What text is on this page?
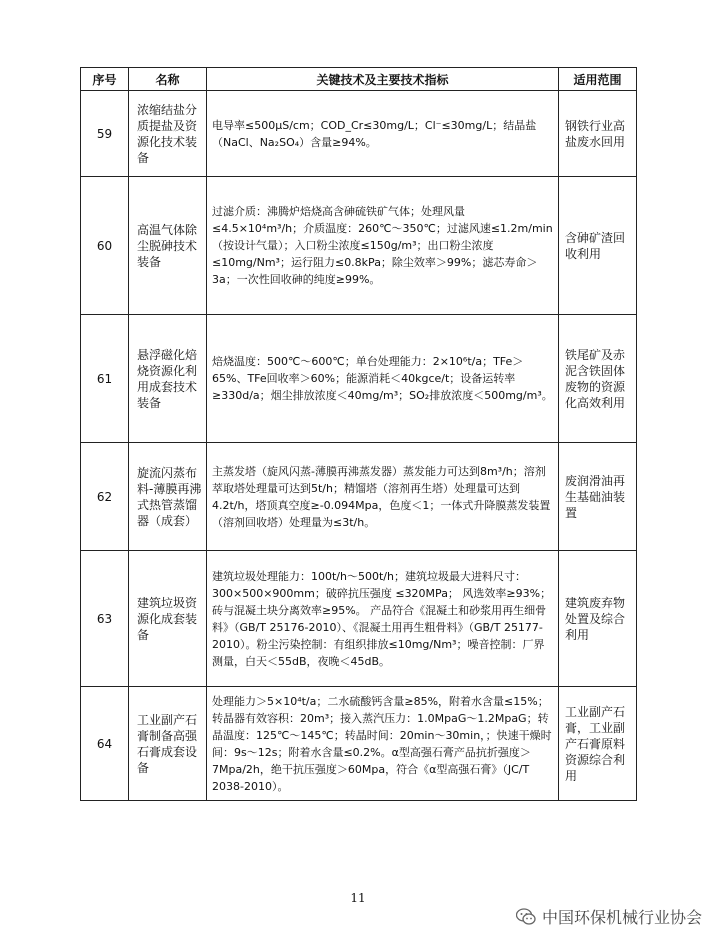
序号	名称	关键技术及主要技术指标	适用范围
59	浓缩结盐分质提盐及资源化技术装备	电导率≤500μS/cm；COD_Cr≤30mg/L；Cl⁻≤30mg/L；结晶盐（NaCl、Na₂SO₄）含量≥94%。	钢铁行业高盐废水回用
60	高温气体除尘脱砷技术装备	过滤介质：沸腾炉焙烧高含砷硫铁矿气体；处理风量≤4.5×10⁴m³/h；介质温度：260℃～350℃；过滤风速≤1.2m/min（按设计气量）；入口粉尘浓度≤150g/m³；出口粉尘浓度≤10mg/Nm³；运行阻力≤0.8kPa；除尘效率＞99%；滤芯寿命＞3a；一次性回收砷的纯度≥99%。	含砷矿渣回收利用
61	悬浮磁化焙烧资源化利用成套技术装备	焙烧温度：500℃～600℃；单台处理能力：2×10⁶t/a；TFe＞65%、TFe回收率＞60%；能源消耗＜40kgce/t；设备运转率≥330d/a；烟尘排放浓度＜40mg/m³；SO₂排放浓度＜500mg/m³。	铁尾矿及赤泥含铁固体废物的资源化高效利用
62	旋流闪蒸布料-薄膜再沸式热管蒸馏器（成套）	主蒸发塔（旋风闪蒸-薄膜再沸蒸发器）蒸发能力可达到8m³/h；溶剂萃取塔处理量可达到5t/h；精馏塔（溶剂再生塔）处理量可达到4.2t/h，塔顶真空度≥-0.094Mpa，色度＜1；一体式升降膜蒸发装置（溶剂回收塔）处理量为≤3t/h。	废润滑油再生基础油装置
63	建筑垃圾资源化成套装备	建筑垃圾处理能力：100t/h～500t/h；建筑垃圾最大进料尺寸：300×500×900mm；破碎抗压强度 ≤320MPa； 风选效率≥93%；砖与混凝土块分离效率≥95%。 产品符合《混凝土和砂浆用再生细骨料》（GB/T 25176-2010）、《混凝土用再生粗骨料》（GB/T 25177-2010）。粉尘污染控制：有组织排放≤10mg/Nm³；噪音控制：厂界测量，白天＜55dB，夜晚＜45dB。	建筑废弃物处置及综合利用
64	工业副产石膏制备高强石膏成套设备	处理能力＞5×10⁴t/a；二水硫酸钙含量≥85%，附着水含量≤15%；转晶器有效容积：20m³；接入蒸汽压力：1.0MpaG～1.2MpaG；转晶温度：125℃～145℃；转晶时间：20min～30min，；快速干燥时间：9s～12s；附着水含量≤0.2%。α型高强石膏产品抗折强度＞7Mpa/2h，绝干抗压强度＞60Mpa，符合《α型高强石膏》（JC/T 2038-2010）。	工业副产石膏，工业副产石膏原料资源综合利用
11
中国环保机械行业协会
